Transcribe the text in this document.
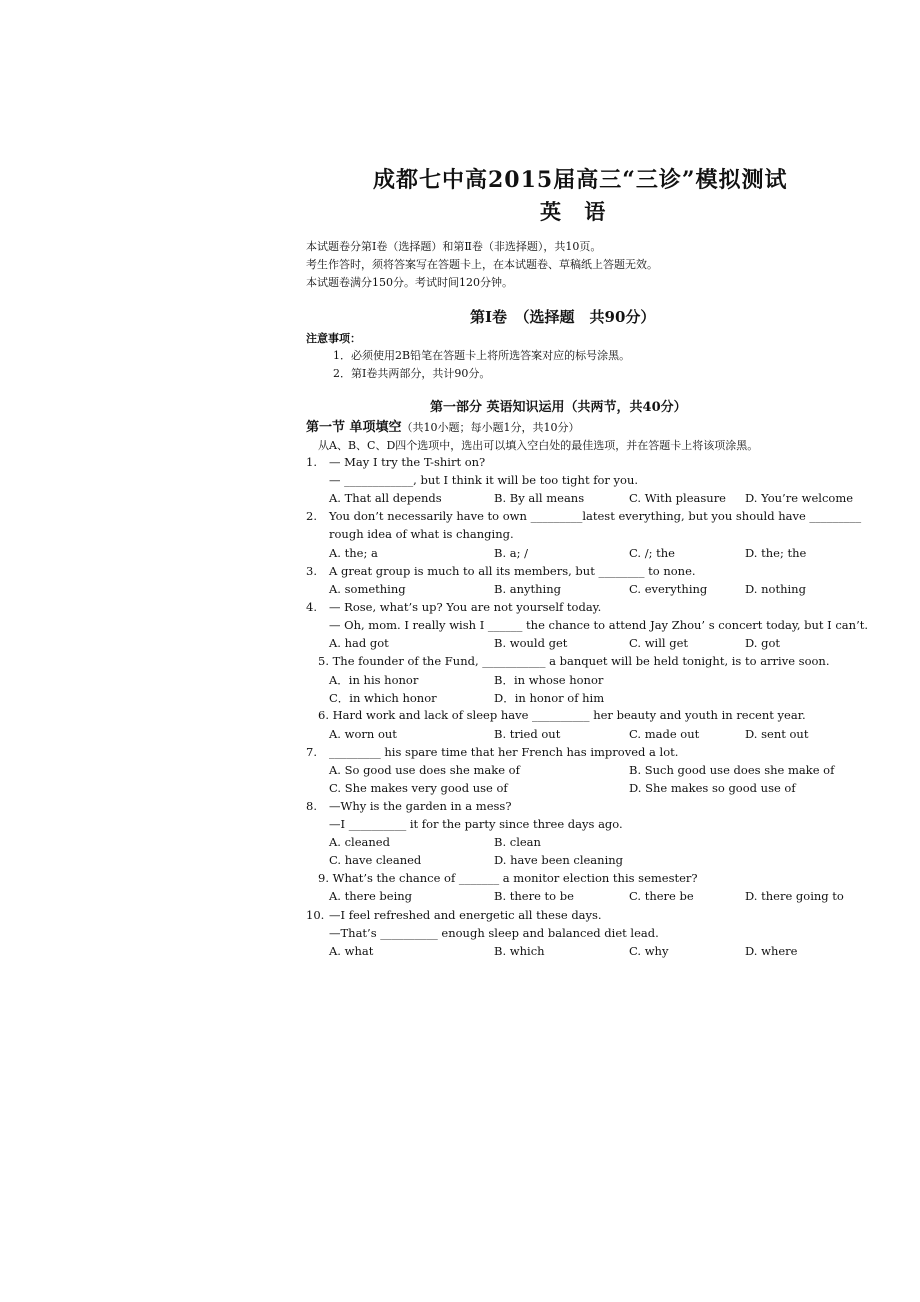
成都七中高2015届高三“三诊”模拟测试
英 语
本试题卷分第Ⅰ卷（选择题）和第Ⅱ卷（非选择题），共10页。
考生作答时，须将答案写在答题卡上，在本试题卷、草稿纸上答题无效。
本试题卷满分150分。考试时间120分钟。
第Ⅰ卷　（选择题　共90分）
注意事项：
1．必须使用2B铅笔在答题卡上将所选答案对应的标号涂黑。
2．第Ⅰ卷共两部分，共计90分。
第一部分 英语知识运用（共两节，共40分）
第一节 单项填空（共10小题；每小题1分，共10分）
从A、B、C、D四个选项中，选出可以填入空白处的最佳选项，并在答题卡上将该项涂黑。
1. — May I try the T-shirt on?
— ____________, but I think it will be too tight for you.
A. That all depends	B. By all means	C. With pleasure D. You’re welcome
2. You don’t necessarily have to own _________latest everything, but you should have _________
rough idea of what is changing.
A. the; a	B. a; /	C. /; the	D. the; the
3. A great group is much to all its members, but ________ to none.
A. something	B. anything	C. everything	D. nothing
4. — Rose, what’s up? You are not yourself today.
— Oh, mom. I really wish I ______ the chance to attend Jay Zhou’ s concert today, but I can’t.
A. had got	B. would get	C. will get	D. got
5. The founder of the Fund, ___________ a banquet will be held tonight, is to arrive soon.
A．in his honor	B．in whose honor
C．in which honor	D．in honor of him
6. Hard work and lack of sleep have __________ her beauty and youth in recent year.
A. worn out	B. tried out	C. made out	D. sent out
7. _________ his spare time that her French has improved a lot.
A. So good use does she make of	B. Such good use does she make of
C. She makes very good use of	D. She makes so good use of
8. —Why is the garden in a mess?
—I __________ it for the party since three days ago.
A. cleaned	B. clean
C. have cleaned	D. have been cleaning
9. What’s the chance of _______ a monitor election this semester?
A. there being	B. there to be	C. there be	D. there going to
10. —I feel refreshed and energetic all these days.
—That’s __________ enough sleep and balanced diet lead.
A. what	B. which	C. why	D. where
